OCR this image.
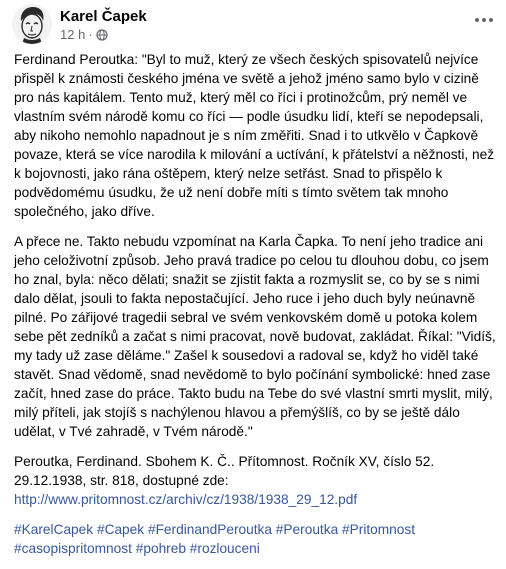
Karel Čapek
12 h ·

Ferdinand Peroutka: "Byl to muž, který ze všech českých spisovatelů nejvíce přispěl k známosti českého jména ve světě a jehož jméno samo bylo v cizině pro nás kapitálem. Tento muž, který měl co říci i protinožcům, prý neměl ve vlastním svém národě komu co říci — podle úsudku lidí, kteří se nepodepsali, aby nikoho nemohlo napadnout je s ním změřiti. Snad i to utkvělo v Čapkově povaze, která se více narodila k milování a uctívání, k přátelství a něžnosti, než k bojovnosti, jako rána oštěpem, který nelze setřást. Snad to přispělo k podvědomému úsudku, že už není dobře míti s tímto světem tak mnoho společného, jako dříve.

A přece ne. Takto nebudu vzpomínat na Karla Čapka. To není jeho tradice ani jeho celoživotní způsob. Jeho pravá tradice po celou tu dlouhou dobu, co jsem ho znal, byla: něco dělati; snažit se zjistit fakta a rozmyslit se, co by se s nimi dalo dělat, jsouli to fakta nepostačující. Jeho ruce i jeho duch byly neúnavně pilné. Po zářijové tragedii sebral ve svém venkovském domě u potoka kolem sebe pět zedníků a začat s nimi pracovat, nově budovat, zakládat. Říkal: "Vidíš, my tady už zase děláme." Zašel k sousedovi a radoval se, když ho viděl také stavět. Snad vědomě, snad nevědomě to bylo počínání symbolické: hned zase začít, hned zase do práce. Takto budu na Tebe do své vlastní smrti myslit, milý, milý příteli, jak stojíš s nachýlenou hlavou a přemýšlíš, co by se ještě dálo udělat, v Tvé zahradě, v Tvém národě."

Peroutka, Ferdinand. Sbohem K. Č.. Přítomnost. Ročník XV, číslo 52. 29.12.1938, str. 818, dostupné zde: http://www.pritomnost.cz/archiv/cz/1938/1938_29_12.pdf

#KarelCapek #Capek #FerdinandPeroutka #Peroutka #Pritomnost #casopispritomnost #pohreb #rozlouceni
